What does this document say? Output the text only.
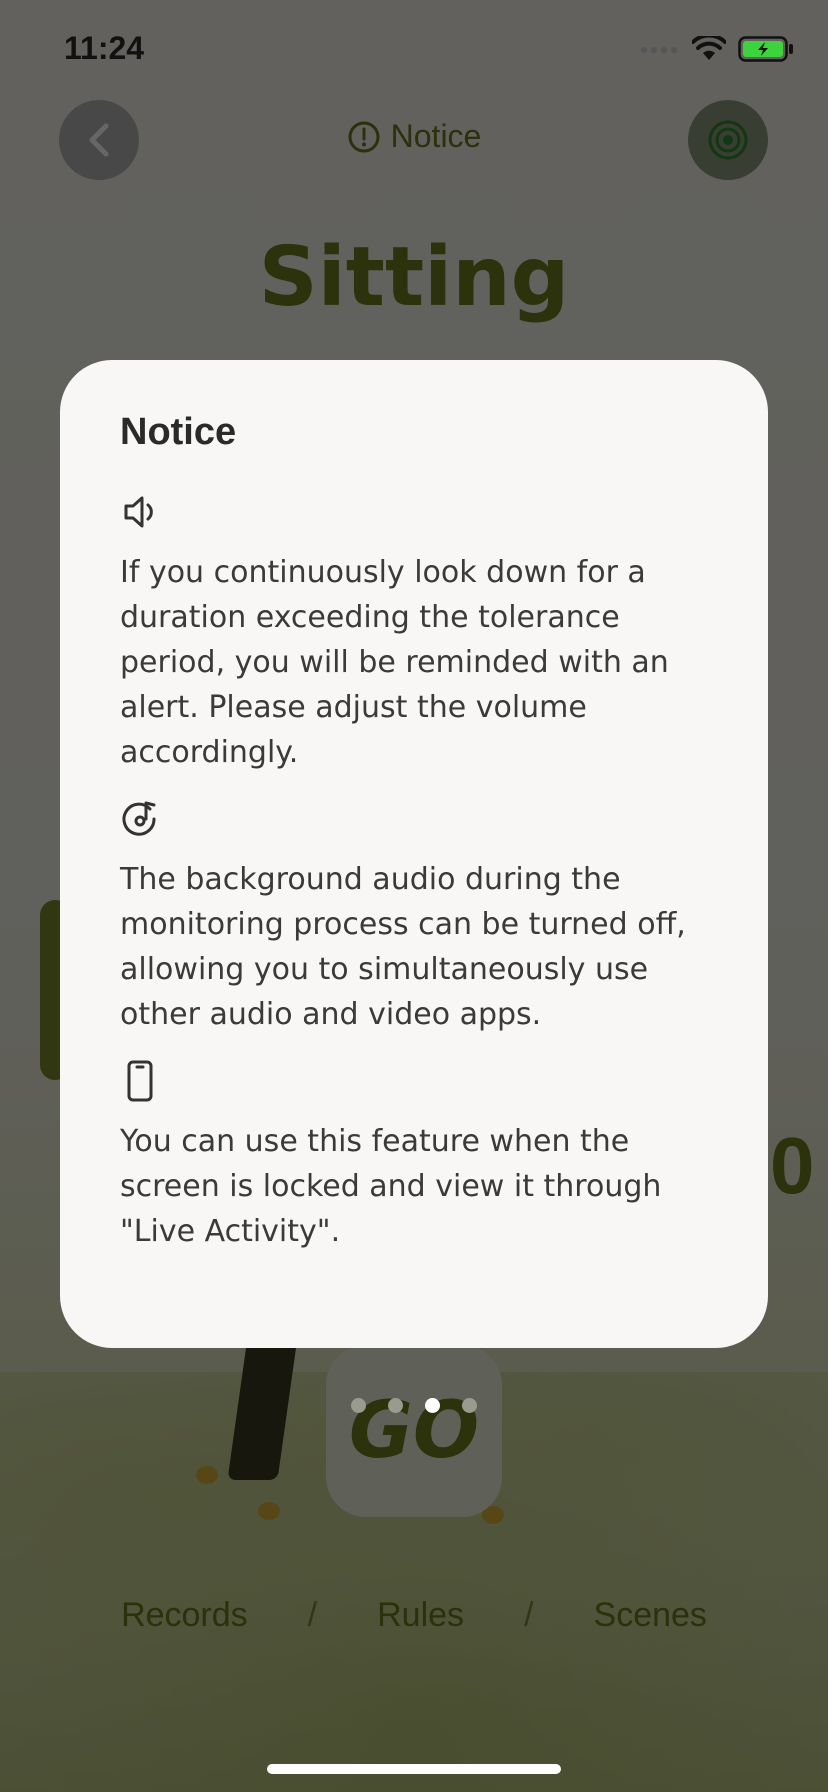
11:24
Notice

If you continuously look down for a duration exceeding the tolerance period, you will be reminded with an alert. Please adjust the volume accordingly.

The background audio during the monitoring process can be turned off, allowing you to simultaneously use other audio and video apps.

You can use this feature when the screen is locked and view it through "Live Activity".
